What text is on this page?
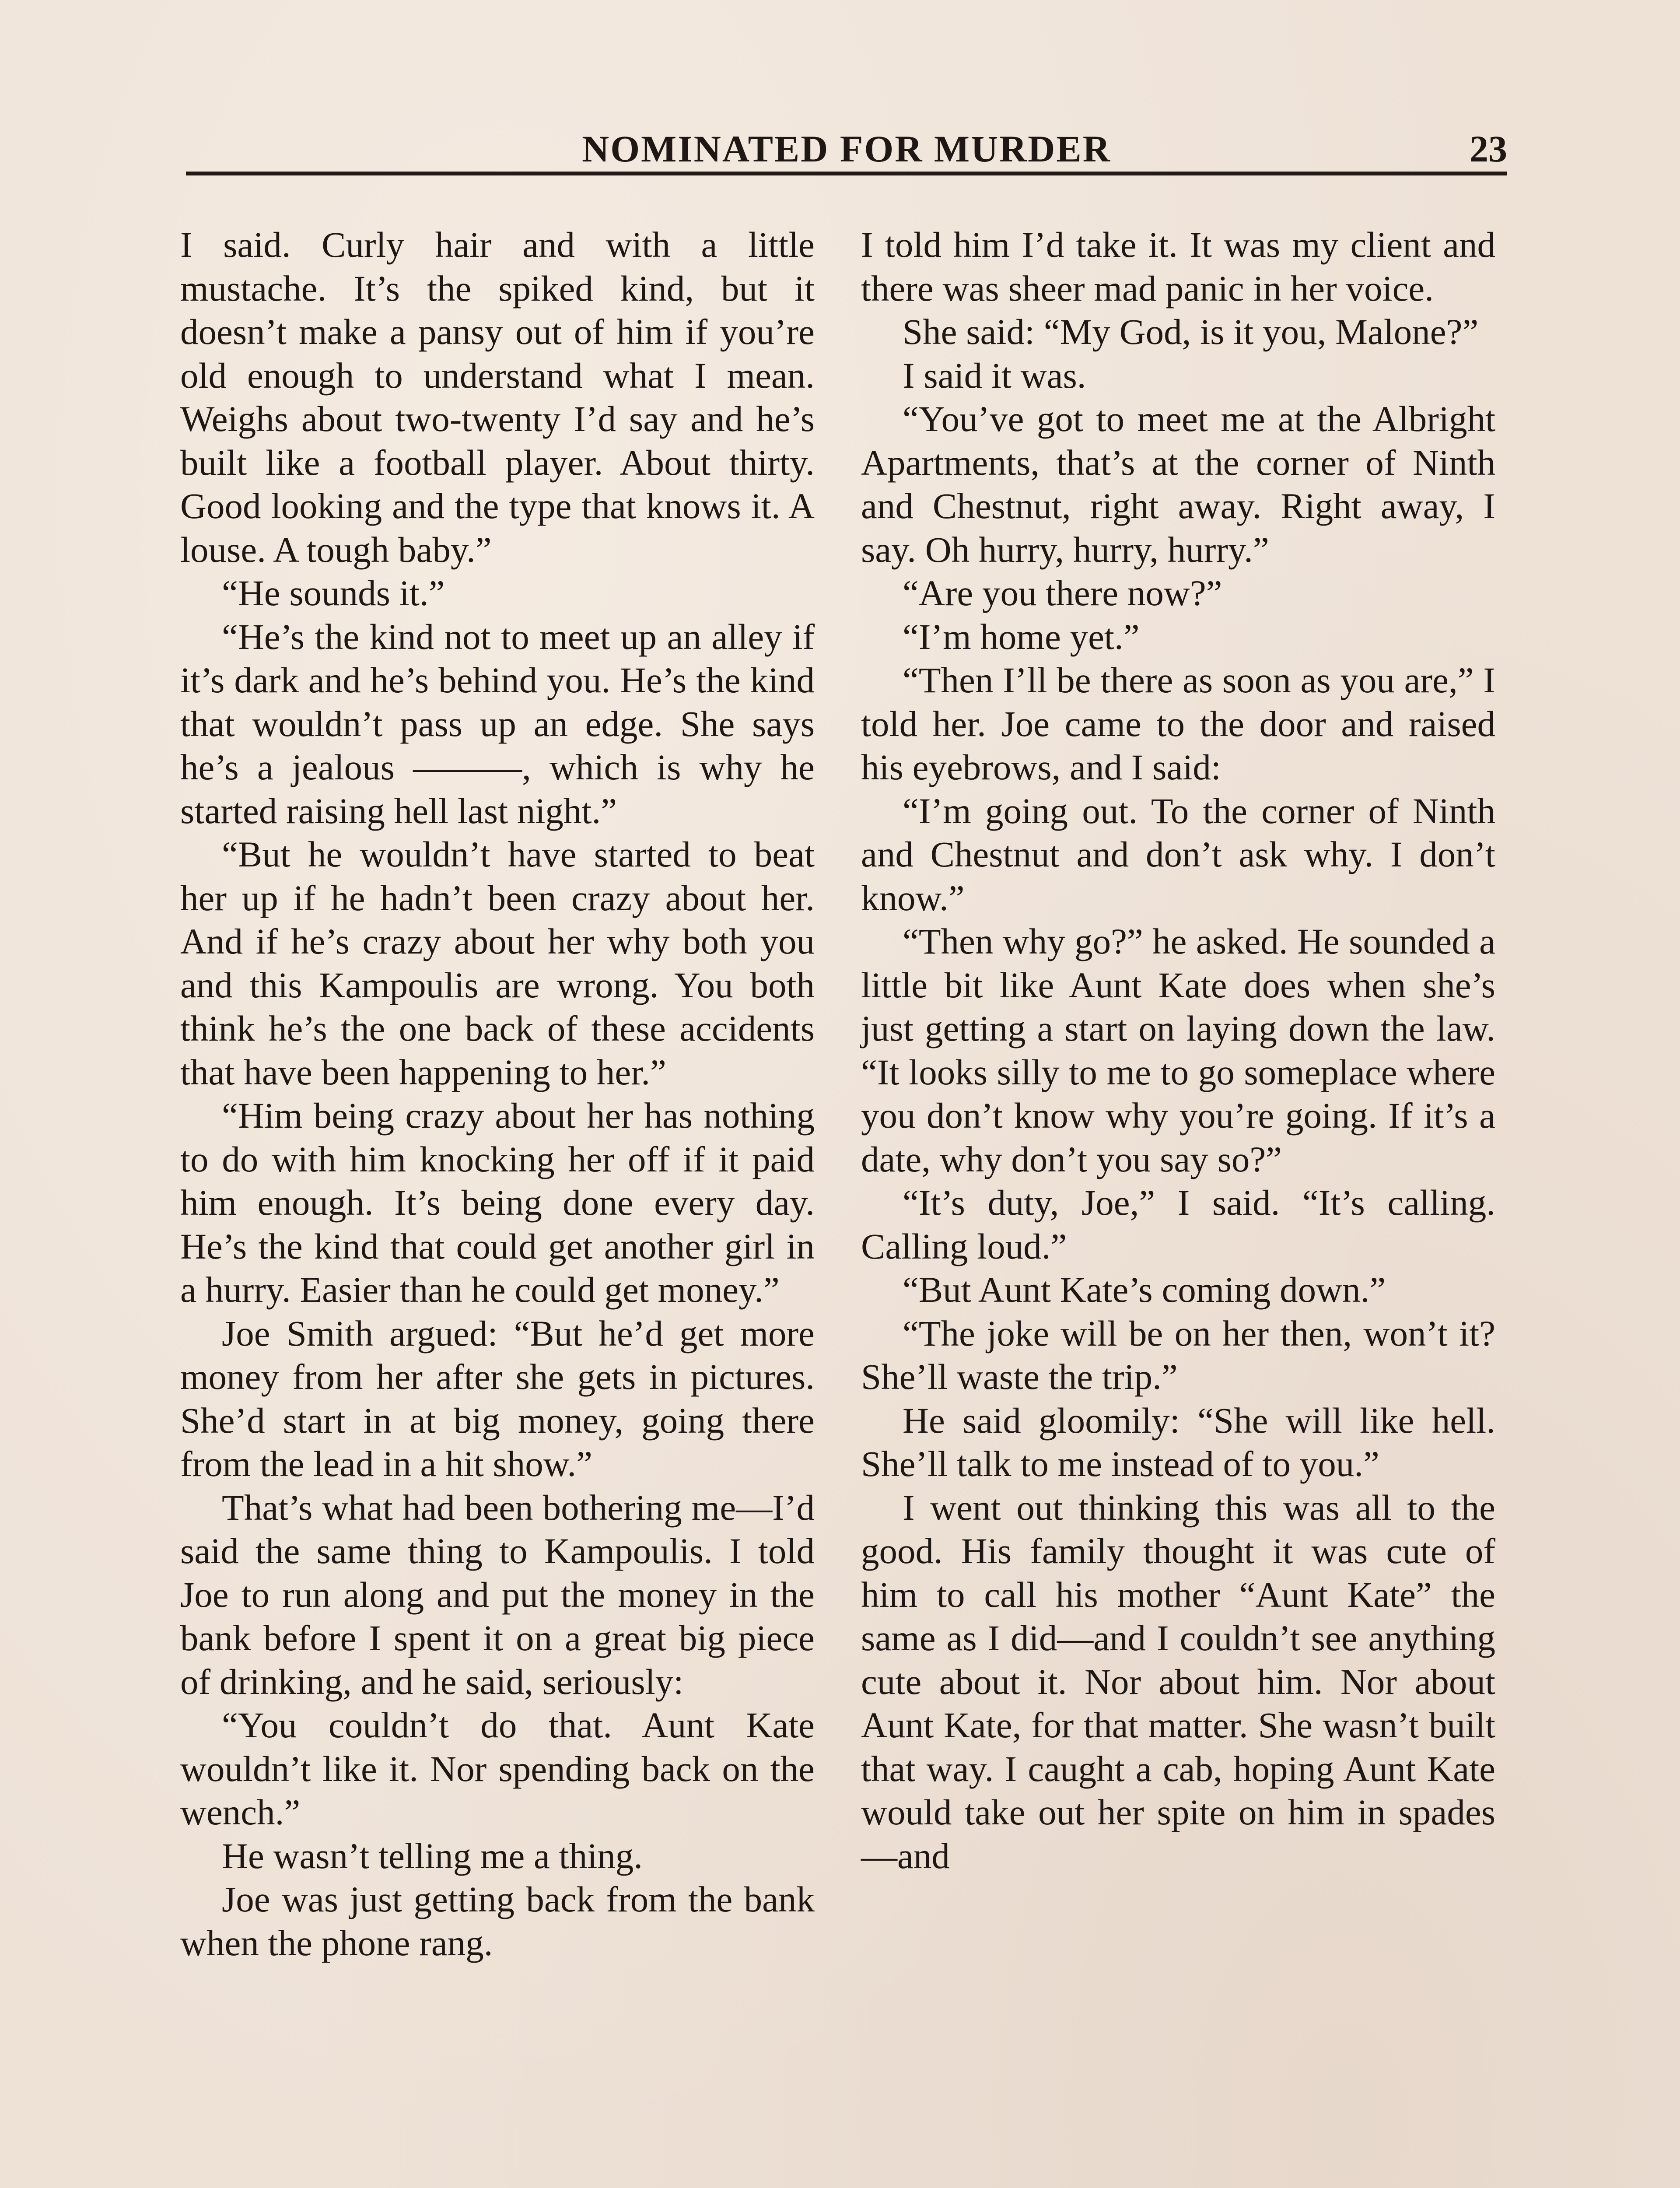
NOMINATED FOR MURDER	23

I said. Curly hair and with a little mustache. It’s the spiked kind, but it doesn’t make a pansy out of him if you’re old enough to understand what I mean. Weighs about two-twenty I’d say and he’s built like a football player. About thirty. Good looking and the type that knows it. A louse. A tough baby.”

“He sounds it.”

“He’s the kind not to meet up an alley if it’s dark and he’s behind you. He’s the kind that wouldn’t pass up an edge. She says he’s a jealous ———, which is why he started raising hell last night.”

“But he wouldn’t have started to beat her up if he hadn’t been crazy about her. And if he’s crazy about her why both you and this Kampoulis are wrong. You both think he’s the one back of these accidents that have been happening to her.”

“Him being crazy about her has nothing to do with him knocking her off if it paid him enough. It’s being done every day. He’s the kind that could get another girl in a hurry. Easier than he could get money.”

Joe Smith argued: “But he’d get more money from her after she gets in pictures. She’d start in at big money, going there from the lead in a hit show.”

That’s what had been bothering me—I’d said the same thing to Kampoulis. I told Joe to run along and put the money in the bank before I spent it on a great big piece of drinking, and he said, seriously:

“You couldn’t do that. Aunt Kate wouldn’t like it. Nor spending back on the wench.”

He wasn’t telling me a thing.

Joe was just getting back from the bank when the phone rang.

I told him I’d take it. It was my client and there was sheer mad panic in her voice.

She said: “My God, is it you, Malone?”

I said it was.

“You’ve got to meet me at the Albright Apartments, that’s at the corner of Ninth and Chestnut, right away. Right away, I say. Oh hurry, hurry, hurry.”

“Are you there now?”

“I’m home yet.”

“Then I’ll be there as soon as you are,” I told her. Joe came to the door and raised his eyebrows, and I said:

“I’m going out. To the corner of Ninth and Chestnut and don’t ask why. I don’t know.”

“Then why go?” he asked. He sounded a little bit like Aunt Kate does when she’s just getting a start on laying down the law. “It looks silly to me to go someplace where you don’t know why you’re going. If it’s a date, why don’t you say so?”

“It’s duty, Joe,” I said. “It’s calling. Calling loud.”

“But Aunt Kate’s coming down.”

“The joke will be on her then, won’t it? She’ll waste the trip.”

He said gloomily: “She will like hell. She’ll talk to me instead of to you.”

I went out thinking this was all to the good. His family thought it was cute of him to call his mother “Aunt Kate” the same as I did—and I couldn’t see anything cute about it. Nor about him. Nor about Aunt Kate, for that matter. She wasn’t built that way. I caught a cab, hoping Aunt Kate would take out her spite on him in spades—and
